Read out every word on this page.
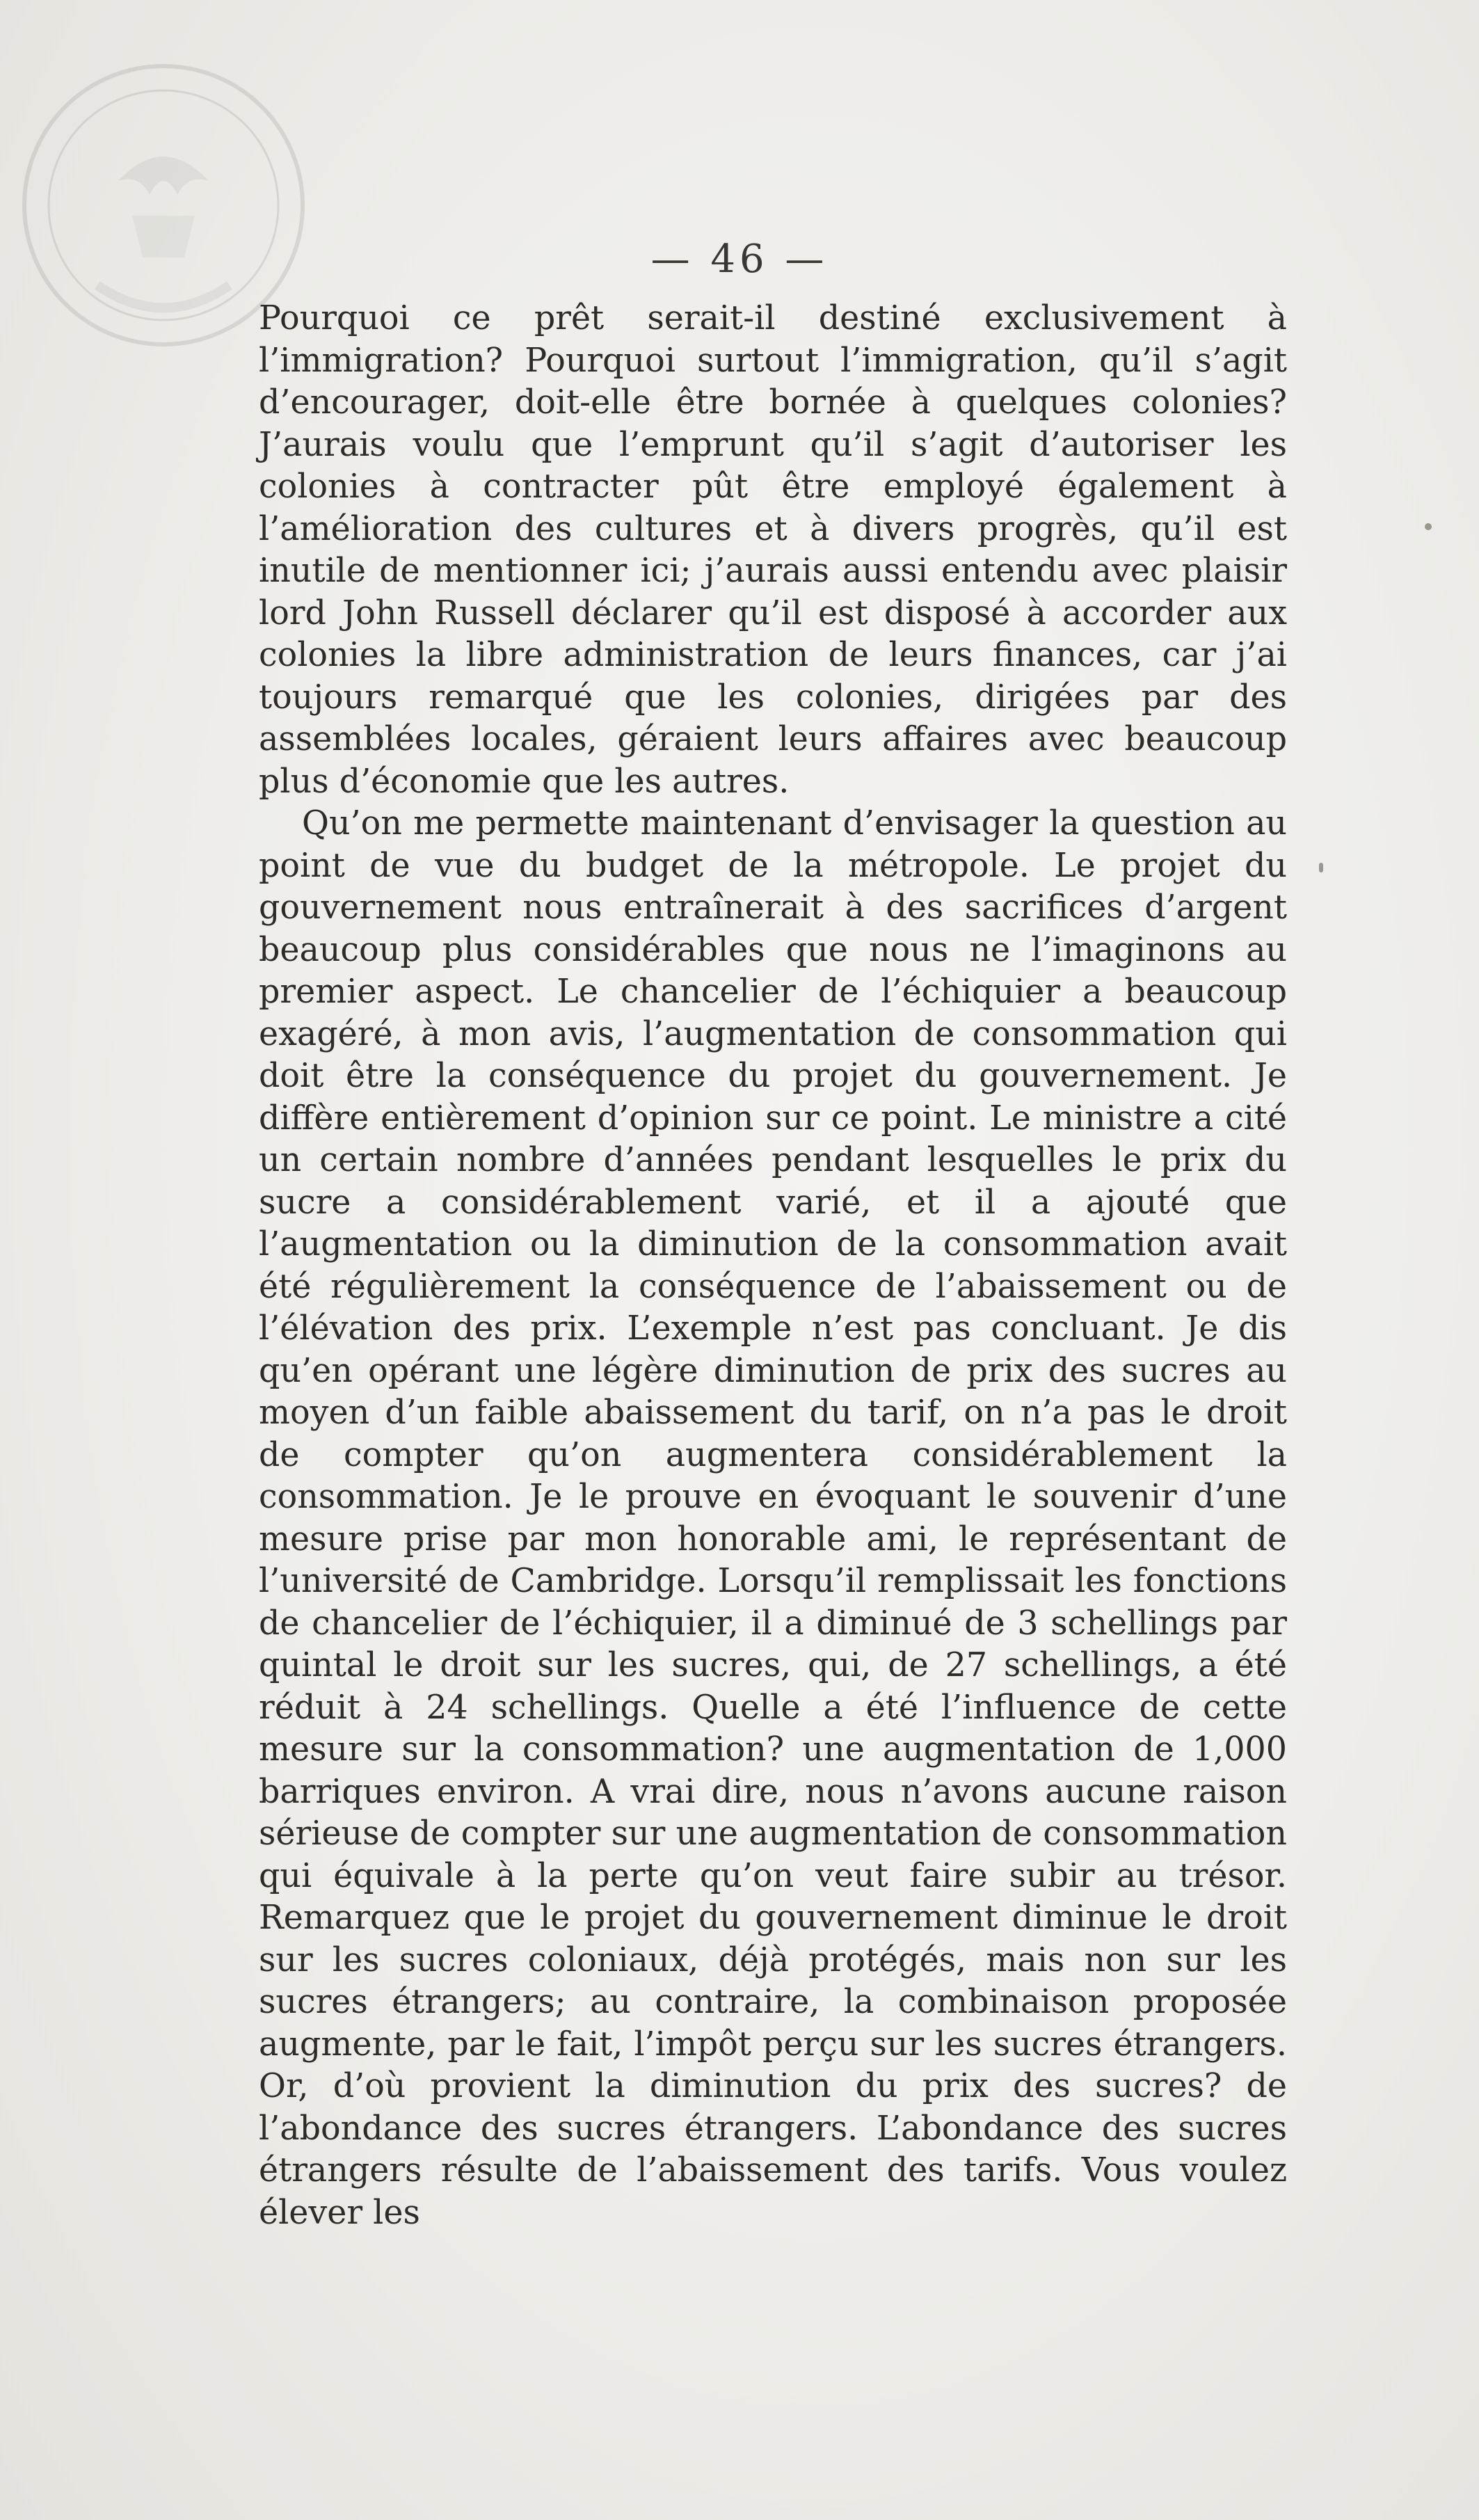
— 46 —

Pourquoi ce prêt serait-il destiné exclusivement à l’immigration? Pourquoi surtout l’immigration, qu’il s’agit d’encourager, doit-elle être bornée à quelques colonies? J’aurais voulu que l’emprunt qu’il s’agit d’autoriser les colonies à contracter pût être employé également à l’amélioration des cultures et à divers progrès, qu’il est inutile de mentionner ici; j’aurais aussi entendu avec plaisir lord John Russell déclarer qu’il est disposé à accorder aux colonies la libre administration de leurs finances, car j’ai toujours remarqué que les colonies, dirigées par des assemblées locales, géraient leurs affaires avec beaucoup plus d’économie que les autres.

Qu’on me permette maintenant d’envisager la question au point de vue du budget de la métropole. Le projet du gouvernement nous entraînerait à des sacrifices d’argent beaucoup plus considérables que nous ne l’imaginons au premier aspect. Le chancelier de l’échiquier a beaucoup exagéré, à mon avis, l’augmentation de consommation qui doit être la conséquence du projet du gouvernement. Je diffère entièrement d’opinion sur ce point. Le ministre a cité un certain nombre d’années pendant lesquelles le prix du sucre a considérablement varié, et il a ajouté que l’augmentation ou la diminution de la consommation avait été régulièrement la conséquence de l’abaissement ou de l’élévation des prix. L’exemple n’est pas concluant. Je dis qu’en opérant une légère diminution de prix des sucres au moyen d’un faible abaissement du tarif, on n’a pas le droit de compter qu’on augmentera considérablement la consommation. Je le prouve en évoquant le souvenir d’une mesure prise par mon honorable ami, le représentant de l’université de Cambridge. Lorsqu’il remplissait les fonctions de chancelier de l’échiquier, il a diminué de 3 schellings par quintal le droit sur les sucres, qui, de 27 schellings, a été réduit à 24 schellings. Quelle a été l’influence de cette mesure sur la consommation? une augmentation de 1,000 barriques environ. A vrai dire, nous n’avons aucune raison sérieuse de compter sur une augmentation de consommation qui équivale à la perte qu’on veut faire subir au trésor. Remarquez que le projet du gouvernement diminue le droit sur les sucres coloniaux, déjà protégés, mais non sur les sucres étrangers; au contraire, la combinaison proposée augmente, par le fait, l’impôt perçu sur les sucres étrangers. Or, d’où provient la diminution du prix des sucres? de l’abondance des sucres étrangers. L’abondance des sucres étrangers résulte de l’abaissement des tarifs. Vous voulez élever les
